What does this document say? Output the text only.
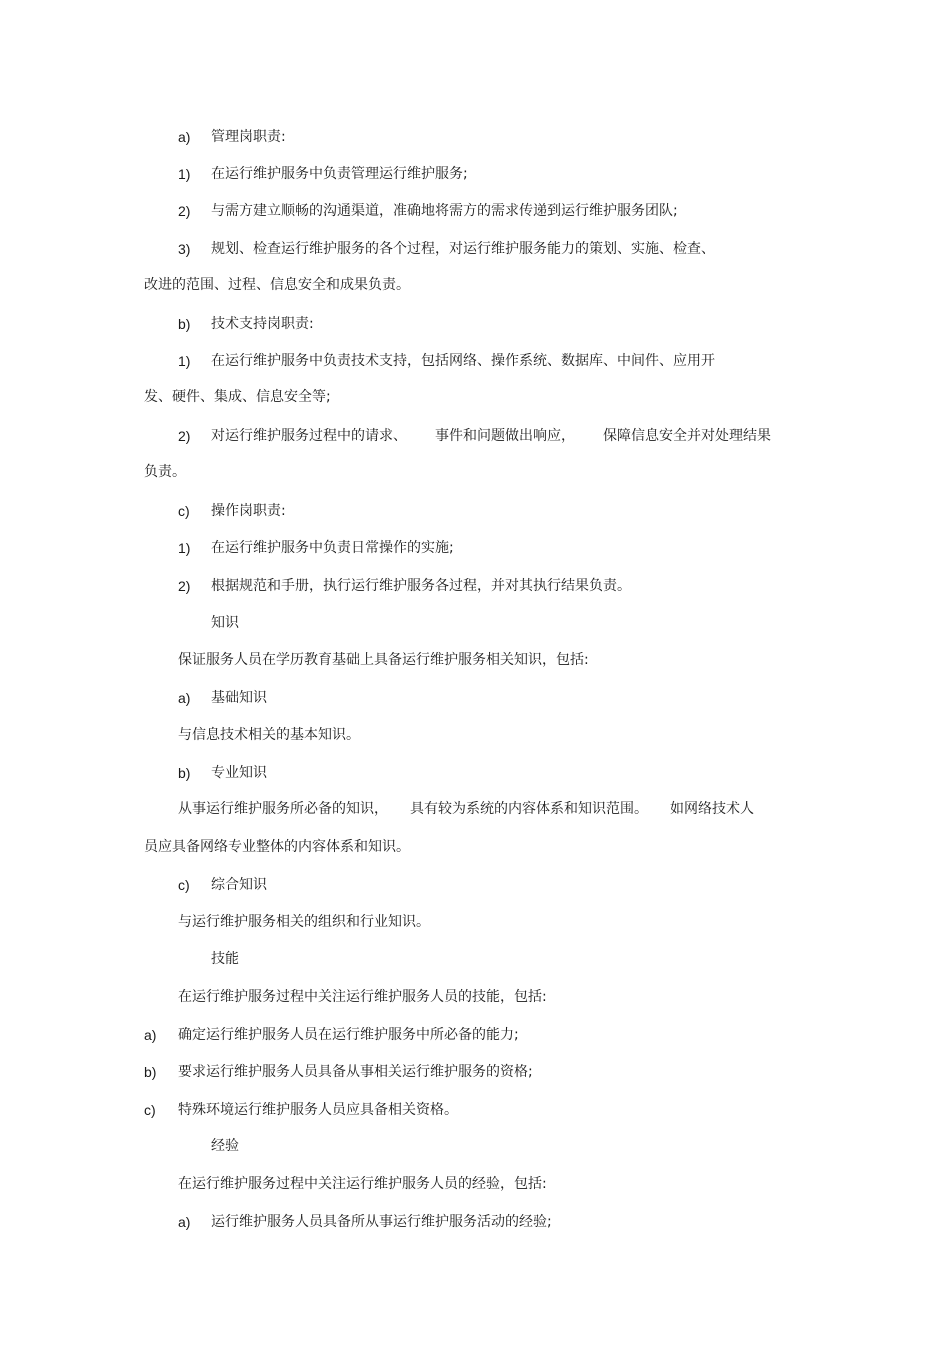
a) 管理岗职责:
1) 在运行维护服务中负责管理运行维护服务;
2) 与需方建立顺畅的沟通渠道，准确地将需方的需求传递到运行维护服务团队;
3) 规划、检查运行维护服务的各个过程，对运行维护服务能力的策划、实施、检查、
改进的范围、过程、信息安全和成果负责。
b) 技术支持岗职责:
1) 在运行维护服务中负责技术支持，包括网络、操作系统、数据库、中间件、应用开
发、硬件、集成、信息安全等;
2) 对运行维护服务过程中的请求、 事件和问题做出响应， 保障信息安全并对处理结果
负责。
c) 操作岗职责:
1) 在运行维护服务中负责日常操作的实施;
2) 根据规范和手册，执行运行维护服务各过程，并对其执行结果负责。
知识
保证服务人员在学历教育基础上具备运行维护服务相关知识，包括:
a) 基础知识
与信息技术相关的基本知识。
b) 专业知识
从事运行维护服务所必备的知识， 具有较为系统的内容体系和知识范围。 如网络技术人
员应具备网络专业整体的内容体系和知识。
c) 综合知识
与运行维护服务相关的组织和行业知识。
技能
在运行维护服务过程中关注运行维护服务人员的技能，包括:
a) 确定运行维护服务人员在运行维护服务中所必备的能力;
b) 要求运行维护服务人员具备从事相关运行维护服务的资格;
c) 特殊环境运行维护服务人员应具备相关资格。
经验
在运行维护服务过程中关注运行维护服务人员的经验，包括:
a) 运行维护服务人员具备所从事运行维护服务活动的经验;
